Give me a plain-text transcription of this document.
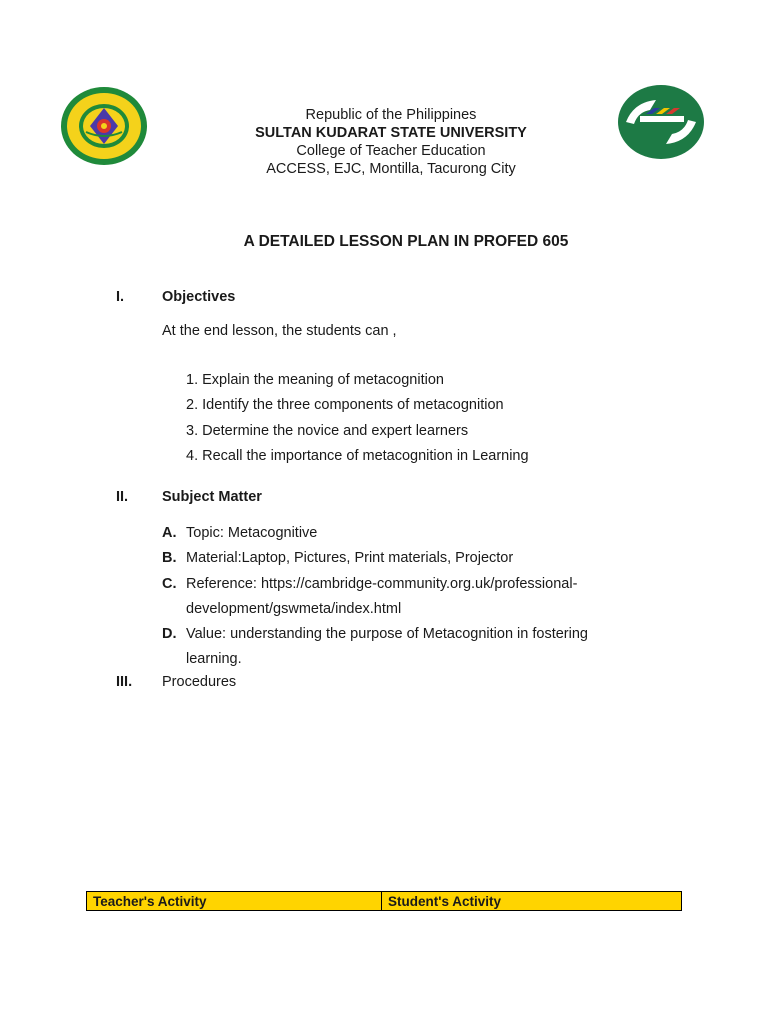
Republic of the Philippines
SULTAN KUDARAT STATE UNIVERSITY
College of Teacher Education
ACCESS, EJC, Montilla, Tacurong City
A DETAILED LESSON PLAN IN PROFED 605
I.	Objectives
At the end lesson, the students can ,
1. Explain the meaning of metacognition
2. Identify the three components of metacognition
3. Determine the novice and expert learners
4. Recall the importance of metacognition in Learning
II. Subject Matter
A. Topic: Metacognitive
B. Material:Laptop, Pictures, Print materials, Projector
C. Reference: https://cambridge-community.org.uk/professional-development/gswmeta/index.html
D. Value: understanding the purpose of Metacognition in fostering learning.
III. Procedures
Teacher's Activity	Student's Activity
